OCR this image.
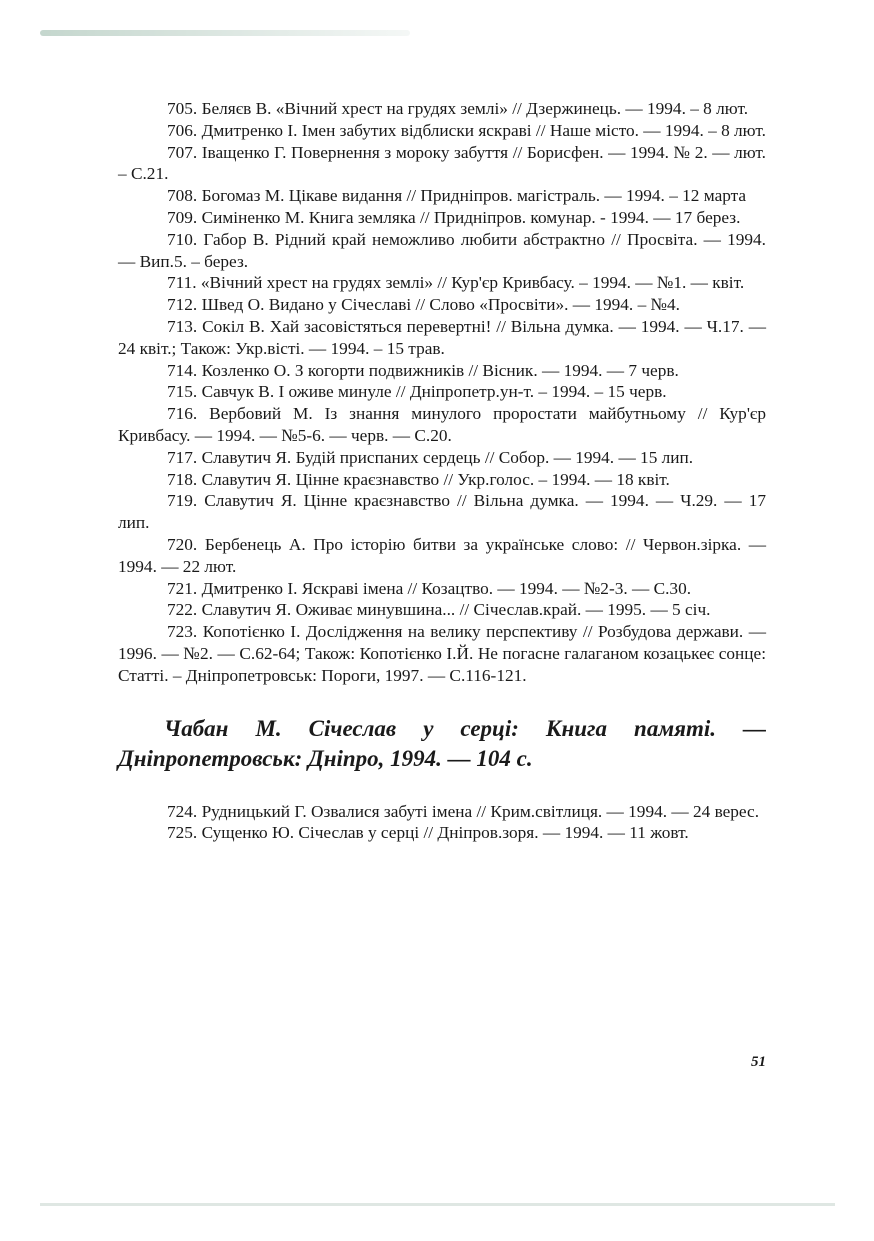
705. Беляєв В. «Вічний хрест на грудях землі» // Дзержинець. — 1994. – 8 лют.

706. Дмитренко І. Імен забутих відблиски яскраві // Наше місто. — 1994. – 8 лют.

707. Іващенко Г. Повернення з мороку забуття // Борисфен. — 1994. № 2. — лют. – С.21.

708. Богомаз М. Цікаве видання // Придніпров. магістраль. — 1994. – 12 марта

709. Симіненко М. Книга земляка // Придніпров. комунар. - 1994. — 17 берез.

710. Габор В. Рідний край неможливо любити абстрактно // Просвіта. — 1994. — Вип.5. – берез.

711. «Вічний хрест на грудях землі» // Кур'єр Кривбасу. – 1994. — №1. — квіт.

712. Швед О. Видано у Січеславі // Слово «Просвіти». — 1994. – №4.

713. Сокіл В. Хай засовістяться перевертні! // Вільна думка. — 1994. — Ч.17. — 24 квіт.; Також: Укр.вісті. — 1994. – 15 трав.

714. Козленко О. З когорти подвижників // Вісник. — 1994. — 7 черв.

715. Савчук В. І оживе минуле // Дніпропетр.ун-т. – 1994. – 15 черв.

716. Вербовий М. Із знання минулого проростати майбутньому // Кур'єр Кривбасу. — 1994. — №5-6. — черв. — С.20.

717. Славутич Я. Будій приспаних сердець // Собор. — 1994. — 15 лип.

718. Славутич Я. Цінне краєзнавство // Укр.голос. – 1994. — 18 квіт.

719. Славутич Я. Цінне краєзнавство // Вільна думка. — 1994. — Ч.29. — 17 лип.

720. Бербенець А. Про історію битви за українське слово: // Червон.зірка. — 1994. — 22 лют.

721. Дмитренко І. Яскраві імена // Козацтво. — 1994. — №2-3. — С.30.

722. Славутич Я. Оживає минувшина... // Січеслав.край. — 1995. — 5 січ.

723. Копотієнко І. Дослідження на велику перспективу // Розбудова держави. — 1996. — №2. — С.62-64; Також: Копотієнко І.Й. Не погасне галаганом козацькеє сонце: Статті. – Дніпропетровськ: Пороги, 1997. — С.116-121.

Чабан М. Січеслав у серці: Книга памяті. — Дніпропетровськ: Дніпро, 1994. — 104 с.

724. Рудницький Г. Озвалися забуті імена // Крим.світлиця. — 1994. — 24 верес.

725. Сущенко Ю. Січеслав у серці // Дніпров.зоря. — 1994. — 11 жовт.

51
